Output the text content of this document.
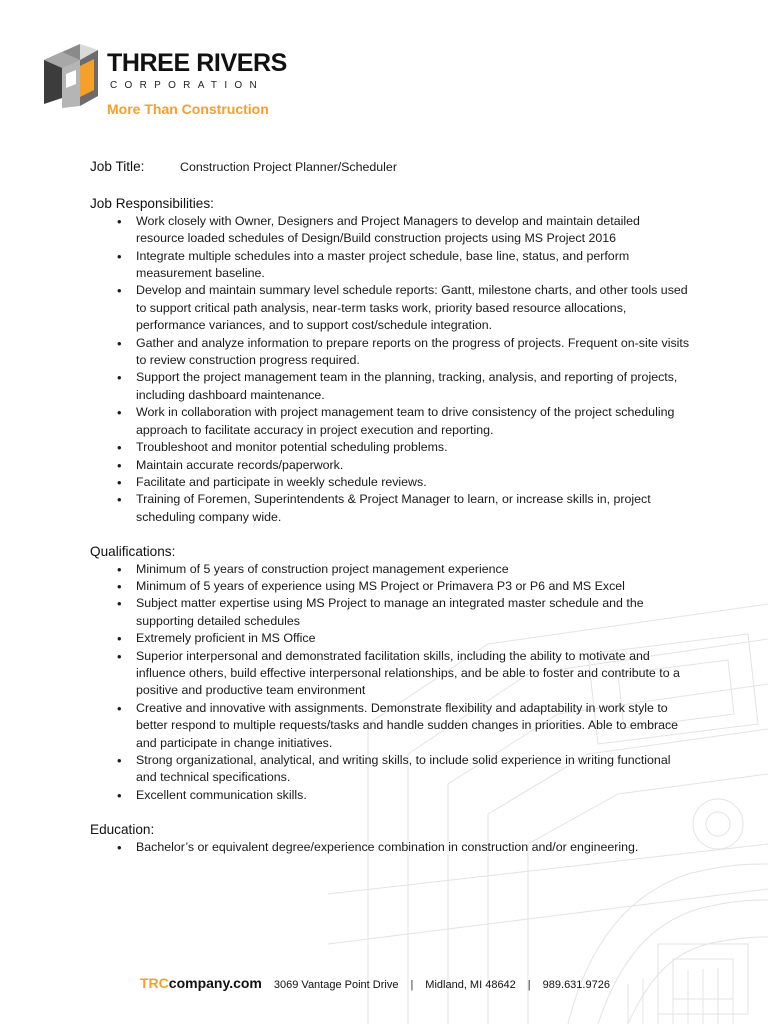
THREE RIVERS
CORPORATION
More Than Construction
Job Title:	Construction Project Planner/Scheduler
Job Responsibilities:
• Work closely with Owner, Designers and Project Managers to develop and maintain detailed resource loaded schedules of Design/Build construction projects using MS Project 2016
• Integrate multiple schedules into a master project schedule, base line, status, and perform measurement baseline.
• Develop and maintain summary level schedule reports: Gantt, milestone charts, and other tools used to support critical path analysis, near-term tasks work, priority based resource allocations, performance variances, and to support cost/schedule integration.
• Gather and analyze information to prepare reports on the progress of projects. Frequent on-site visits to review construction progress required.
• Support the project management team in the planning, tracking, analysis, and reporting of projects, including dashboard maintenance.
• Work in collaboration with project management team to drive consistency of the project scheduling approach to facilitate accuracy in project execution and reporting.
• Troubleshoot and monitor potential scheduling problems.
• Maintain accurate records/paperwork.
• Facilitate and participate in weekly schedule reviews.
• Training of Foremen, Superintendents & Project Manager to learn, or increase skills in, project scheduling company wide.
Qualifications:
• Minimum of 5 years of construction project management experience
• Minimum of 5 years of experience using MS Project or Primavera P3 or P6 and MS Excel
• Subject matter expertise using MS Project to manage an integrated master schedule and the supporting detailed schedules
• Extremely proficient in MS Office
• Superior interpersonal and demonstrated facilitation skills, including the ability to motivate and influence others, build effective interpersonal relationships, and be able to foster and contribute to a positive and productive team environment
• Creative and innovative with assignments. Demonstrate flexibility and adaptability in work style to better respond to multiple requests/tasks and handle sudden changes in priorities. Able to embrace and participate in change initiatives.
• Strong organizational, analytical, and writing skills, to include solid experience in writing functional and technical specifications.
• Excellent communication skills.
Education:
• Bachelor’s or equivalent degree/experience combination in construction and/or engineering.
TRCcompany.com	3069 Vantage Point Drive	|	Midland, MI 48642	|	989.631.9726
